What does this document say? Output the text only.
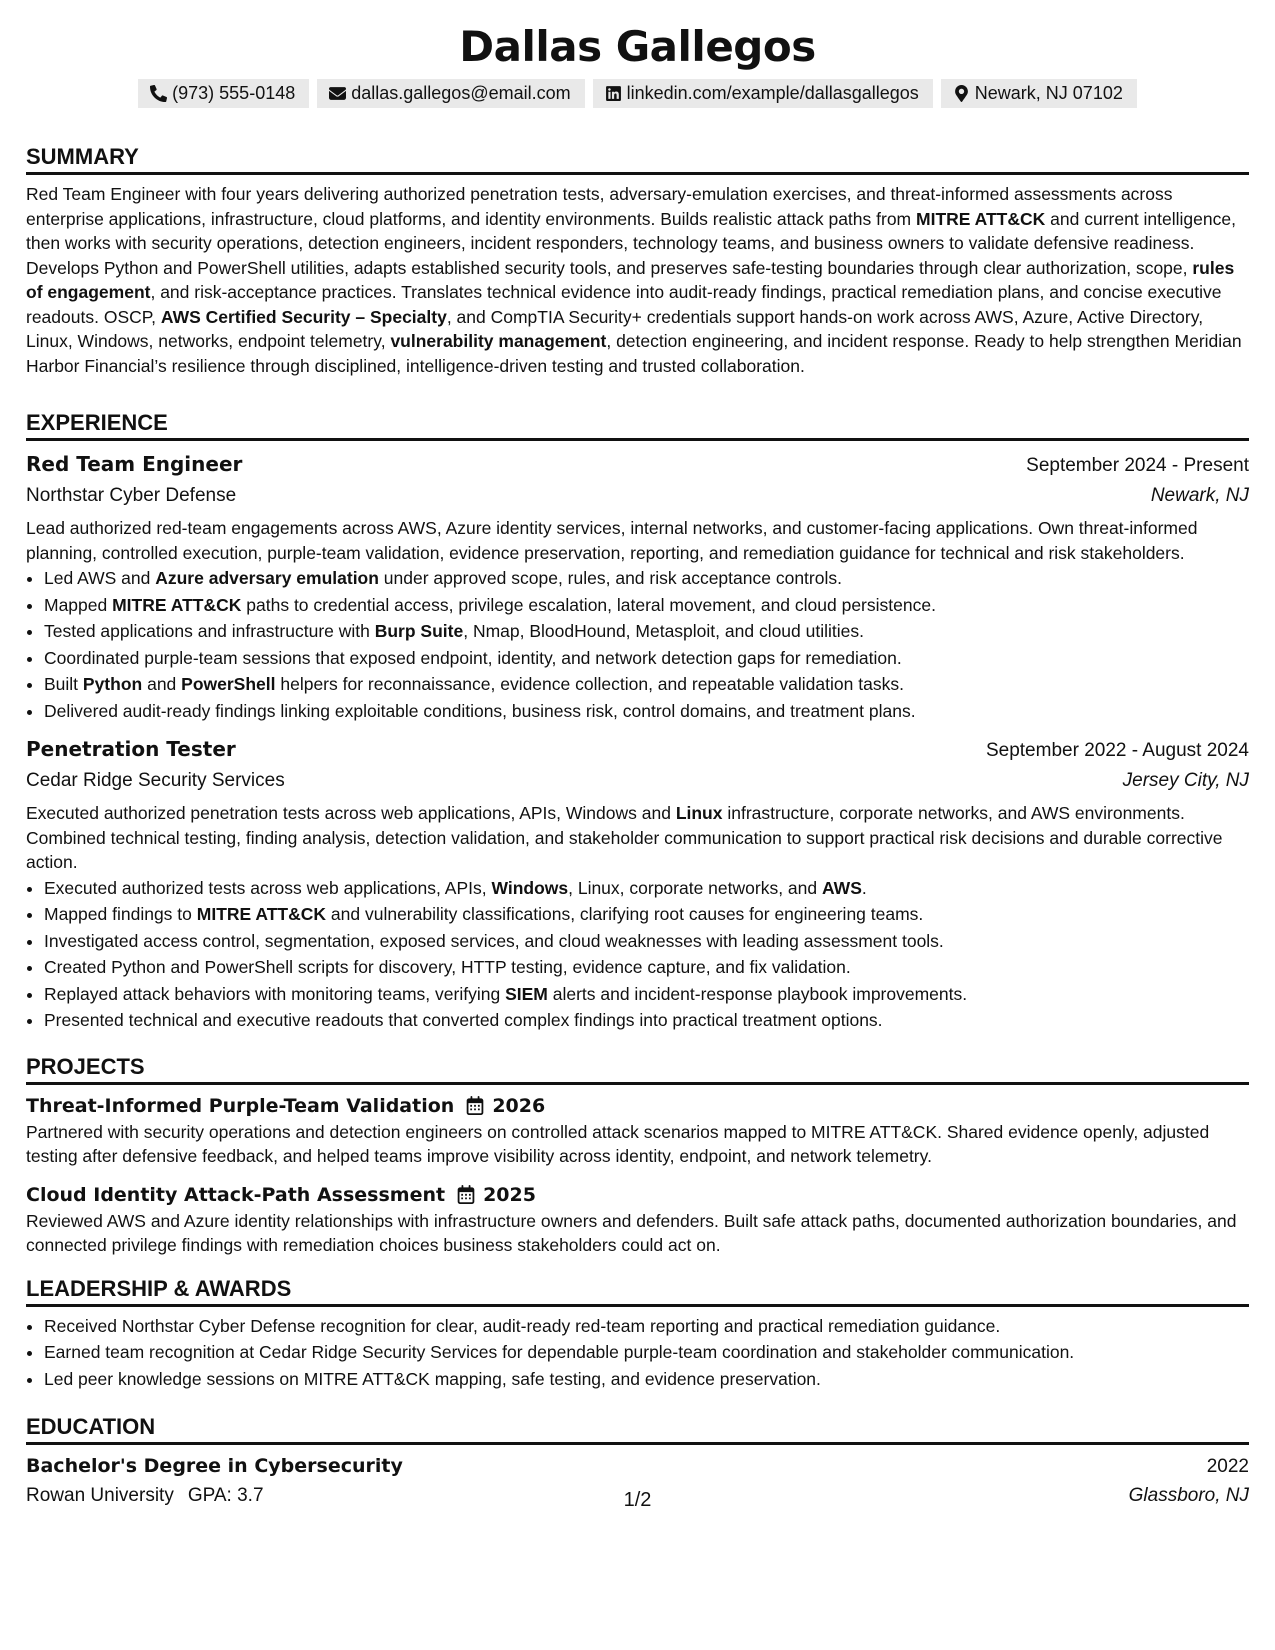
Dallas Gallegos
(973) 555-0148	dallas.gallegos@email.com	linkedin.com/example/dallasgallegos	Newark, NJ 07102
SUMMARY

Red Team Engineer with four years delivering authorized penetration tests, adversary-emulation exercises, and threat-informed assessments across enterprise applications, infrastructure, cloud platforms, and identity environments. Builds realistic attack paths from MITRE ATT&CK and current intelligence, then works with security operations, detection engineers, incident responders, technology teams, and business owners to validate defensive readiness. Develops Python and PowerShell utilities, adapts established security tools, and preserves safe-testing boundaries through clear authorization, scope, rules of engagement, and risk-acceptance practices. Translates technical evidence into audit-ready findings, practical remediation plans, and concise executive readouts. OSCP, AWS Certified Security – Specialty, and CompTIA Security+ credentials support hands-on work across AWS, Azure, Active Directory, Linux, Windows, networks, endpoint telemetry, vulnerability management, detection engineering, and incident response. Ready to help strengthen Meridian Harbor Financial’s resilience through disciplined, intelligence-driven testing and trusted collaboration.

EXPERIENCE
Red Team Engineer	September 2024 - Present
Northstar Cyber Defense	Newark, NJ

Lead authorized red-team engagements across AWS, Azure identity services, internal networks, and customer-facing applications. Own threat-informed planning, controlled execution, purple-team validation, evidence preservation, reporting, and remediation guidance for technical and risk stakeholders.

• Led AWS and Azure adversary emulation under approved scope, rules, and risk acceptance controls.
• Mapped MITRE ATT&CK paths to credential access, privilege escalation, lateral movement, and cloud persistence.
• Tested applications and infrastructure with Burp Suite, Nmap, BloodHound, Metasploit, and cloud utilities.
• Coordinated purple-team sessions that exposed endpoint, identity, and network detection gaps for remediation.
• Built Python and PowerShell helpers for reconnaissance, evidence collection, and repeatable validation tasks.
• Delivered audit-ready findings linking exploitable conditions, business risk, control domains, and treatment plans.
Penetration Tester	September 2022 - August 2024
Cedar Ridge Security Services	Jersey City, NJ

Executed authorized penetration tests across web applications, APIs, Windows and Linux infrastructure, corporate networks, and AWS environments. Combined technical testing, finding analysis, detection validation, and stakeholder communication to support practical risk decisions and durable corrective action.

• Executed authorized tests across web applications, APIs, Windows, Linux, corporate networks, and AWS.
• Mapped findings to MITRE ATT&CK and vulnerability classifications, clarifying root causes for engineering teams.
• Investigated access control, segmentation, exposed services, and cloud weaknesses with leading assessment tools.
• Created Python and PowerShell scripts for discovery, HTTP testing, evidence capture, and fix validation.
• Replayed attack behaviors with monitoring teams, verifying SIEM alerts and incident-response playbook improvements.
• Presented technical and executive readouts that converted complex findings into practical treatment options.
PROJECTS
Threat-Informed Purple-Team Validation 2026

Partnered with security operations and detection engineers on controlled attack scenarios mapped to MITRE ATT&CK. Shared evidence openly, adjusted testing after defensive feedback, and helped teams improve visibility across identity, endpoint, and network telemetry.

Cloud Identity Attack-Path Assessment 2025

Reviewed AWS and Azure identity relationships with infrastructure owners and defenders. Built safe attack paths, documented authorization boundaries, and connected privilege findings with remediation choices business stakeholders could act on.

LEADERSHIP & AWARDS
• Received Northstar Cyber Defense recognition for clear, audit-ready red-team reporting and practical remediation guidance.
• Earned team recognition at Cedar Ridge Security Services for dependable purple-team coordination and stakeholder communication.
• Led peer knowledge sessions on MITRE ATT&CK mapping, safe testing, and evidence preservation.
EDUCATION
Bachelor's Degree in Cybersecurity	2022
Rowan University GPA: 3.7	Glassboro, NJ
1/2
